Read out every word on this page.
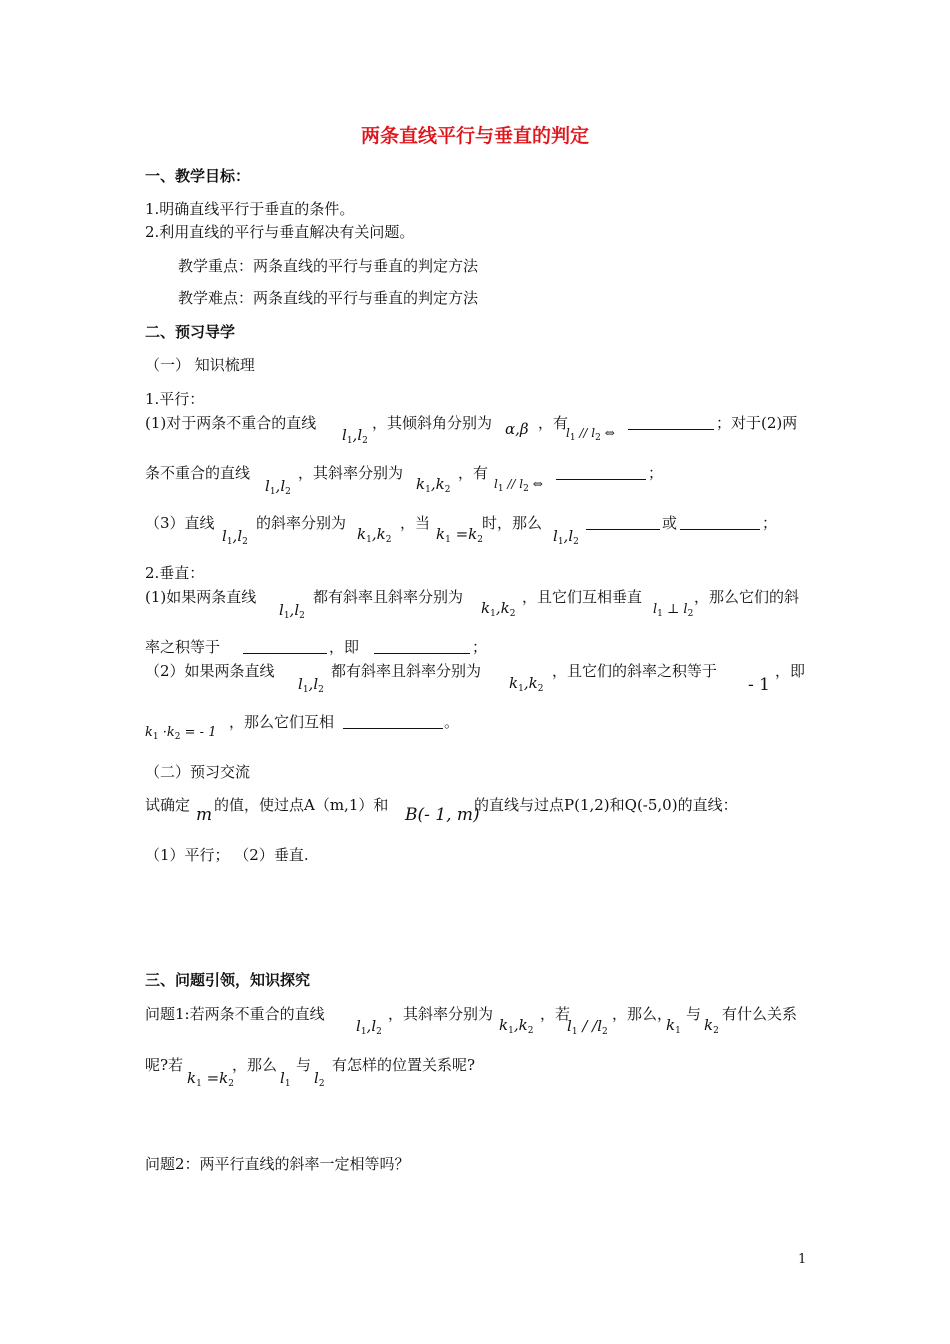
两条直线平行与垂直的判定
一、教学目标：
1.明确直线平行于垂直的条件。
2.利用直线的平行与垂直解决有关问题。
教学重点：两条直线的平行与垂直的判定方法
教学难点：两条直线的平行与垂直的判定方法
二、预习导学
（一） 知识梳理
1.平行：
(1)对于两条不重合的直线
$l_1,l_2$
，其倾斜角分别为 α,β ，有
$l_1 // l_2$ ⇔
；对于(2)两
条不重合的直线
$l_1,l_2$
，其斜率分别为
$k_1,k_2$
，有
$l_1 // l_2$ ⇔
；
（3）直线
$l_1,l_2$
的斜率分别为
$k_1,k_2$
，当
$k_1 =k_2$
时，那么
$l_1,l_2$
或	；
2.垂直：
(1)如果两条直线
$l_1,l_2$
都有斜率且斜率分别为
$k_1,k_2$
，且它们互相垂直
$l_1$ ⊥ $l_2$
，那么它们的斜
率之积等于	，即	；
（2）如果两条直线
$l_1,l_2$
都有斜率且斜率分别为
$k_1,k_2$
，且它们的斜率之积等于
- 1
，即
$k_1 \cdot k_2$ = - 1
，那么它们互相	。
（二）预习交流
试确定 m 的值，使过点A（m,1）和 B(- 1, m)
的直线与过点P(1,2)和Q(-5,0)的直线：
（1）平行； （2）垂直.
三、问题引领，知识探究
问题1:若两条不重合的直线
$l_1,l_2$
，其斜率分别为
$k_1,k_2$
，若
$l_1 / /l_2$
，那么，
$k_1$
与
$k_2$
有什么关系
呢?若
$k_1 =k_2$
，那么
$l_1$
与
$l_2$
有怎样的位置关系呢?
问题2：两平行直线的斜率一定相等吗？
1
